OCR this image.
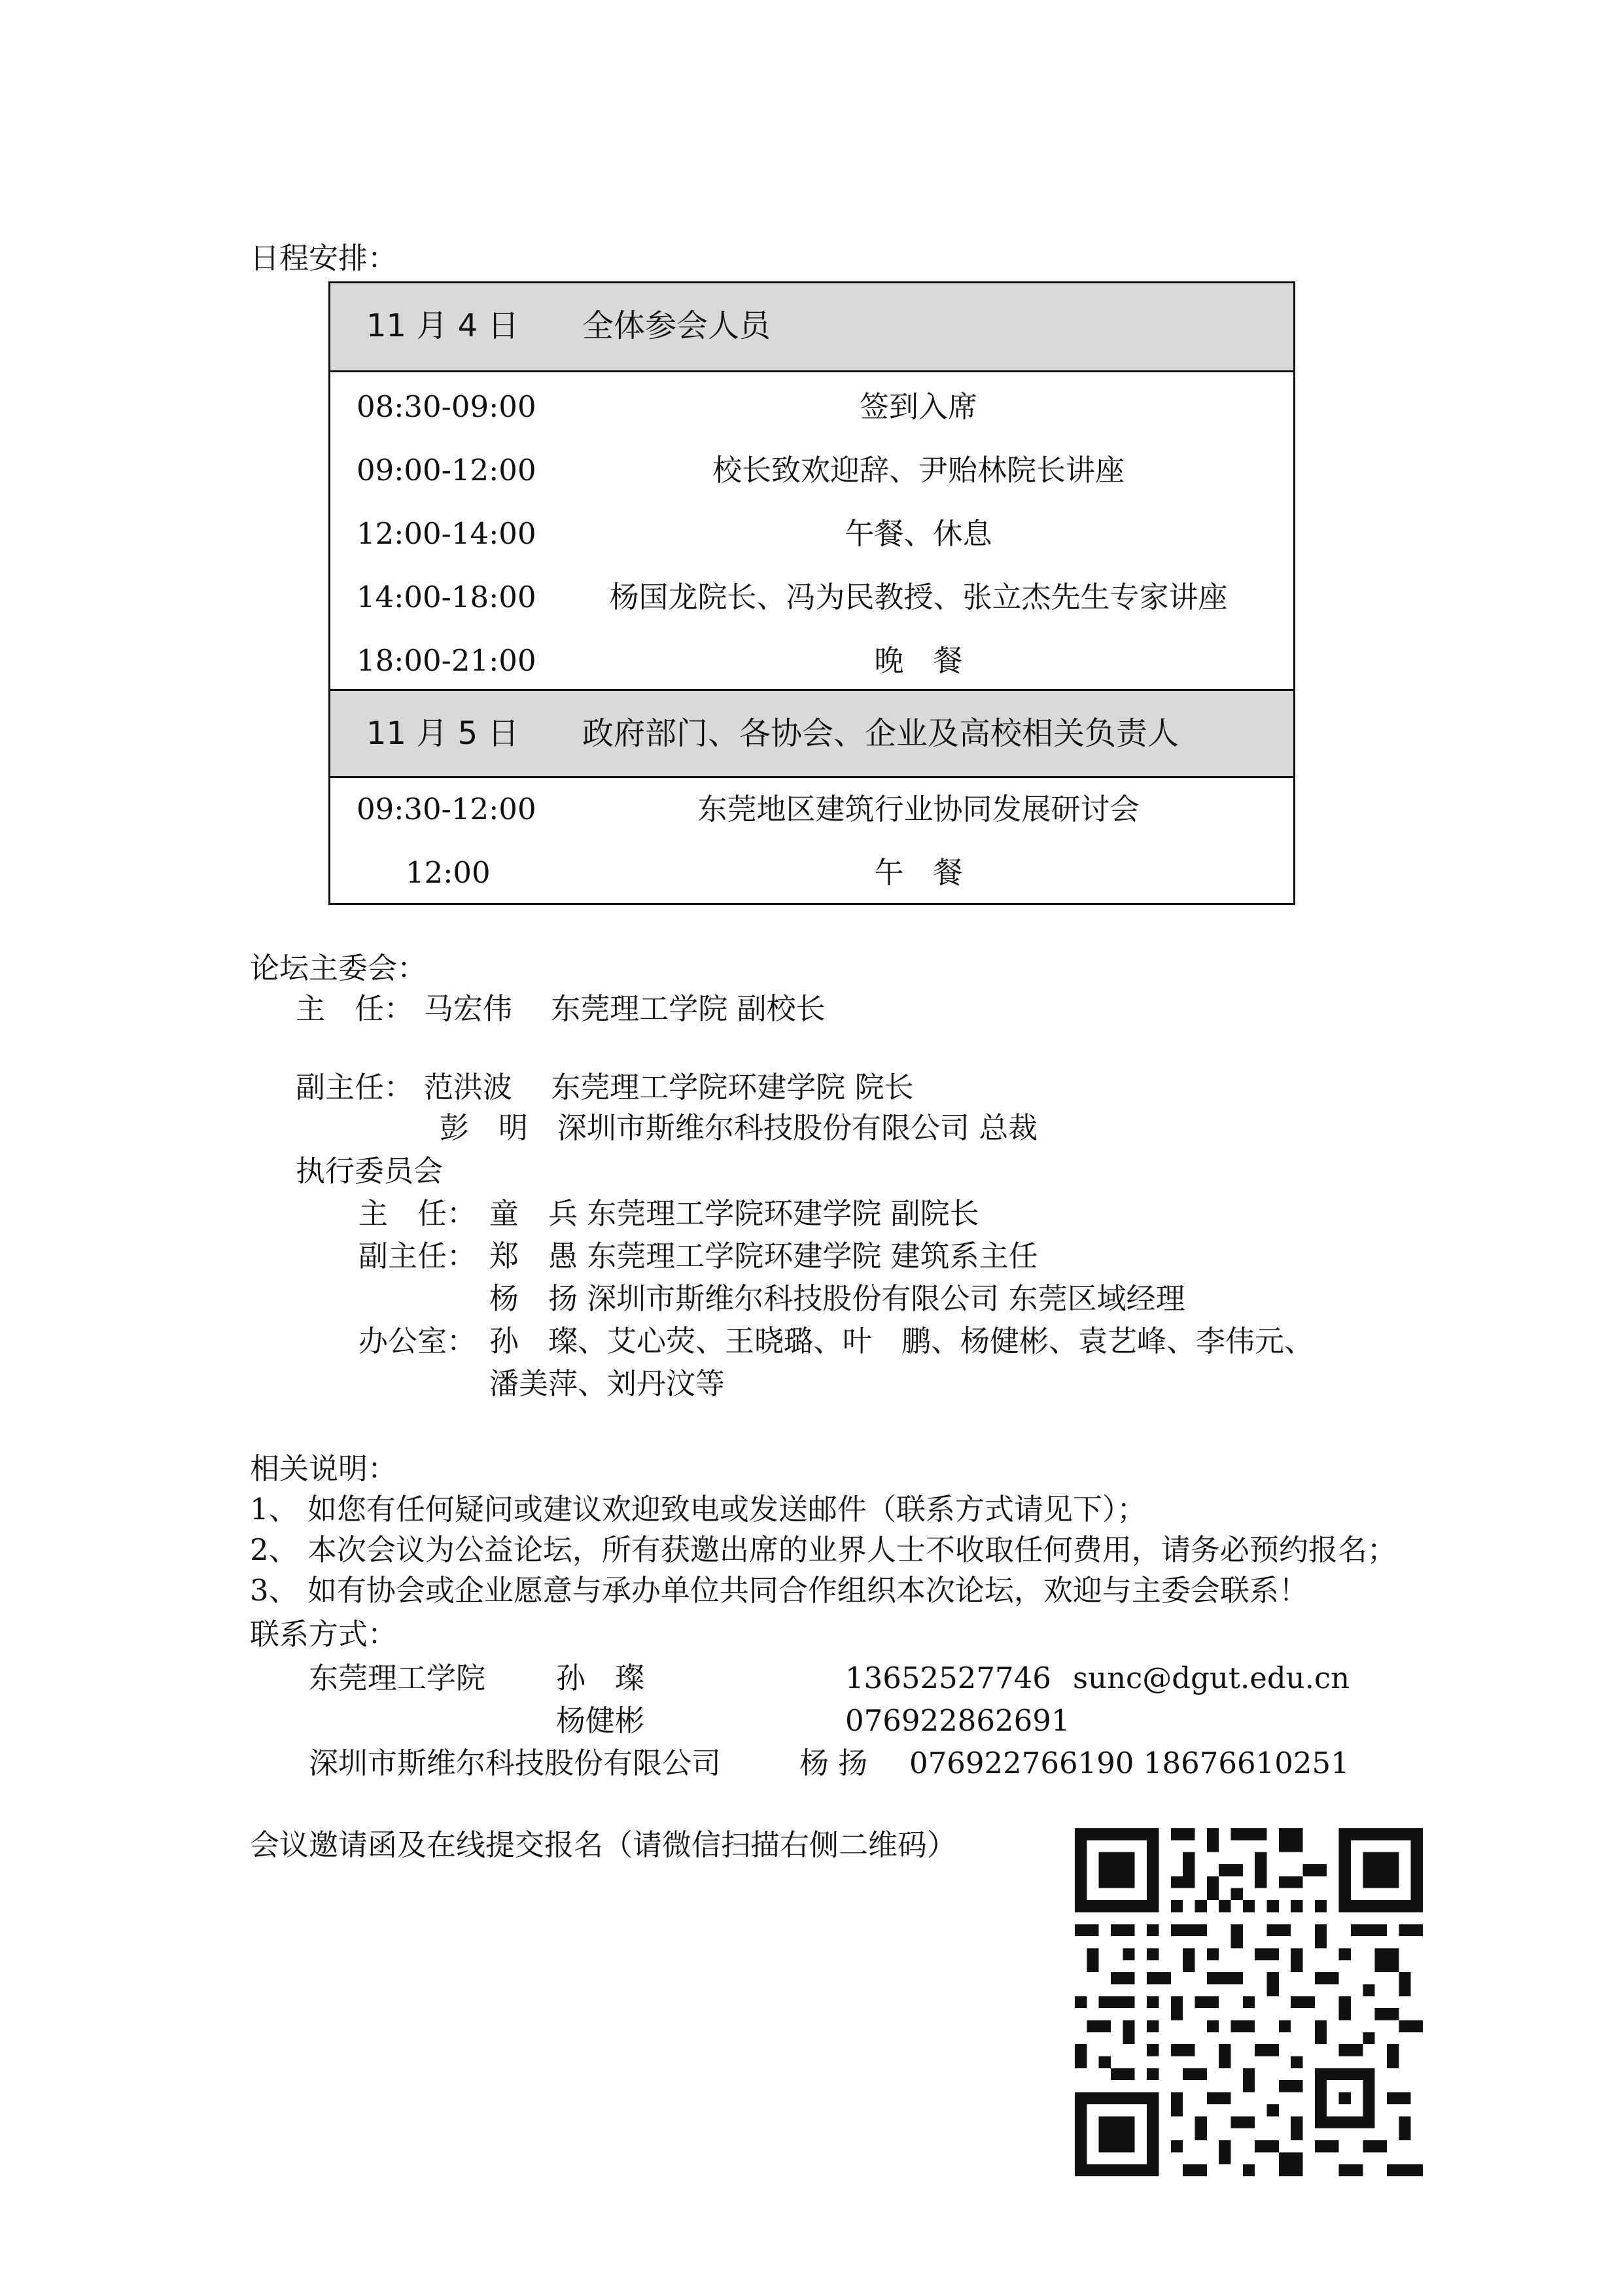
日程安排：
11 月 4 日 全体参会人员
08:30-09:00	签到入席
09:00-12:00	校长致欢迎辞、尹贻林院长讲座
12:00-14:00	午餐、休息
14:00-18:00	杨国龙院长、冯为民教授、张立杰先生专家讲座
18:00-21:00	晚　餐
11 月 5 日 政府部门、各协会、企业及高校相关负责人
09:30-12:00	东莞地区建筑行业协同发展研讨会
12:00	午　餐
论坛主委会：
主　任： 马宏伟　 东莞理工学院 副校长
副主任： 范洪波　 东莞理工学院环建学院 院长
彭　明　深圳市斯维尔科技股份有限公司 总裁
执行委员会
主　任： 童　兵 东莞理工学院环建学院 副院长
副主任： 郑　愚 东莞理工学院环建学院 建筑系主任
杨　扬 深圳市斯维尔科技股份有限公司 东莞区域经理
办公室： 孙　璨、艾心荧、王晓璐、叶　鹏、杨健彬、袁艺峰、李伟元、
潘美萍、刘丹汶等
相关说明：
1、 如您有任何疑问或建议欢迎致电或发送邮件（联系方式请见下）；
2、 本次会议为公益论坛，所有获邀出席的业界人士不收取任何费用，请务必预约报名；
3、 如有协会或企业愿意与承办单位共同合作组织本次论坛，欢迎与主委会联系！
联系方式：
东莞理工学院 孙　璨	13652527746 sunc@dgut.edu.cn
杨健彬	076922862691
深圳市斯维尔科技股份有限公司	杨 扬 076922766190 18676610251
会议邀请函及在线提交报名（请微信扫描右侧二维码）
